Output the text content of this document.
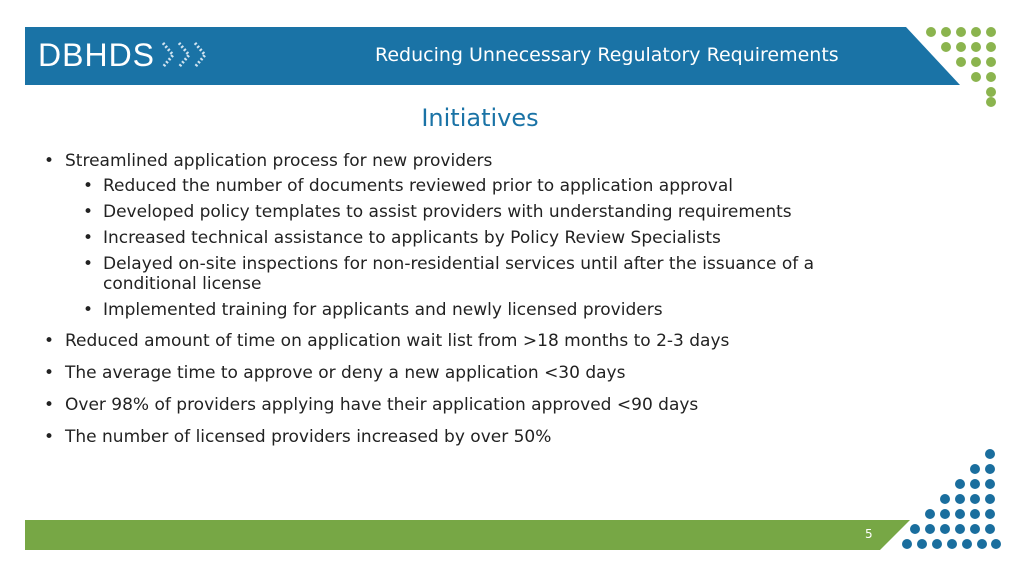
DBHDS	Reducing Unnecessary Regulatory Requirements
Initiatives

• Streamlined application process for new providers

• Reduced the number of documents reviewed prior to application approval
• Developed policy templates to assist providers with understanding requirements
• Increased technical assistance to applicants by Policy Review Specialists
• Delayed on-site inspections for non-residential services until after the issuance of a conditional license
• Implemented training for applicants and newly licensed providers

• Reduced amount of time on application wait list from >18 months to 2-3 days

• The average time to approve or deny a new application <30 days

• Over 98% of providers applying have their application approved <90 days

• The number of licensed providers increased by over 50%

5
